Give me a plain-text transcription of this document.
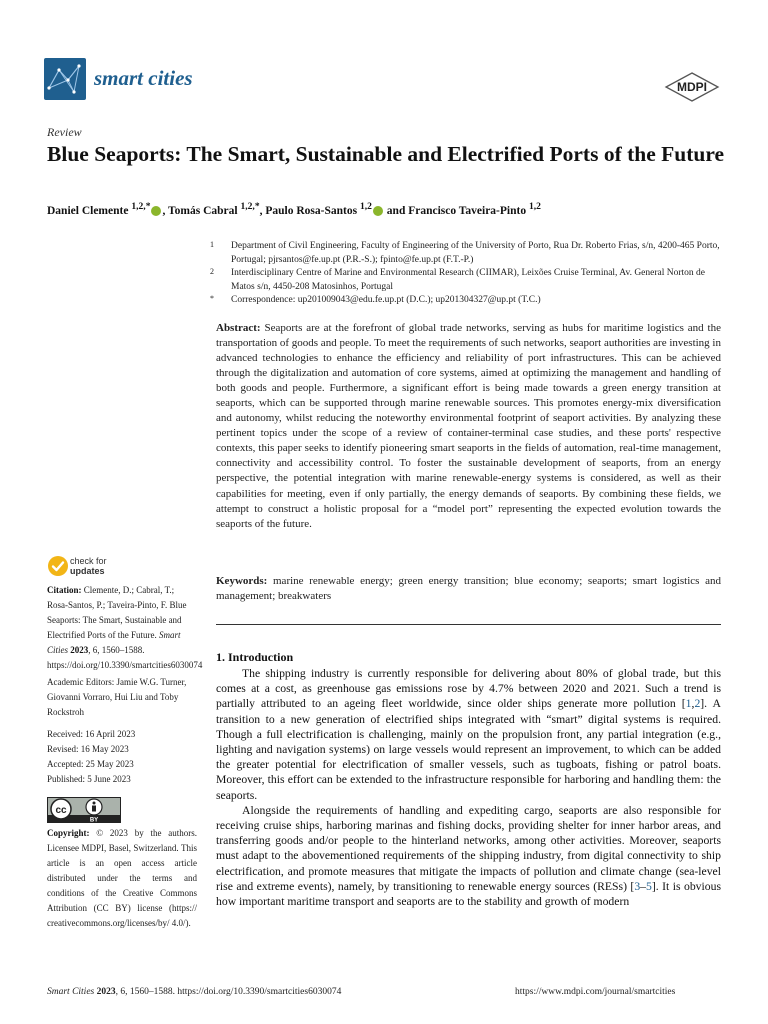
smart cities	MDPI
Review
Blue Seaports: The Smart, Sustainable and Electrified Ports of the Future
Daniel Clemente $^{1,2,*}$ , Tomás Cabral $^{1,2,*}$, Paulo Rosa-Santos $^{1,2}$ and Francisco Taveira-Pinto $^{1,2}$
1 Department of Civil Engineering, Faculty of Engineering of the University of Porto, Rua Dr. Roberto Frias, s/n, 4200-465 Porto, Portugal; pjrsantos@fe.up.pt (P.R.-S.); fpinto@fe.up.pt (F.T.-P.)
2 Interdisciplinary Centre of Marine and Environmental Research (CIIMAR), Leixões Cruise Terminal, Av. General Norton de Matos s/n, 4450-208 Matosinhos, Portugal
* Correspondence: up201009043@edu.fe.up.pt (D.C.); up201304327@up.pt (T.C.)
Abstract: Seaports are at the forefront of global trade networks, serving as hubs for maritime logistics and the transportation of goods and people. To meet the requirements of such networks, seaport authorities are investing in advanced technologies to enhance the efficiency and reliability of port infrastructures. This can be achieved through the digitalization and automation of core systems, aimed at optimizing the management and handling of both goods and people. Furthermore, a significant effort is being made towards a green energy transition at seaports, which can be supported through marine renewable sources. This promotes energy-mix diversification and autonomy, whilst reducing the noteworthy environmental footprint of seaport activities. By analyzing these pertinent topics under the scope of a review of container-terminal case studies, and these ports' respective contexts, this paper seeks to identify pioneering smart seaports in the fields of automation, real-time management, connectivity and accessibility control. To foster the sustainable development of seaports, from an energy perspective, the potential integration with marine renewable-energy systems is considered, as well as their capabilities for meeting, even if only partially, the energy demands of seaports. By combining these fields, we attempt to construct a holistic proposal for a “model port” representing the expected evolution towards the seaports of the future.
Keywords: marine renewable energy; green energy transition; blue economy; seaports; smart logistics and management; breakwaters
1. Introduction

The shipping industry is currently responsible for delivering about 80% of global trade, but this comes at a cost, as greenhouse gas emissions rose by 4.7% between 2020 and 2021. Such a trend is partially attributed to an ageing fleet worldwide, since older ships generate more pollution [1,2]. A transition to a new generation of electrified ships integrated with “smart” digital systems is required. Though a full electrification is challenging, mainly on the propulsion front, any partial integration (e.g., lighting and navigation systems) on large vessels would represent an improvement, to which can be added the greater potential for electrification of smaller vessels, such as tugboats, fishing or patrol boats. Moreover, this effort can be extended to the infrastructure responsible for harboring and handling them: the seaports.

Alongside the requirements of handling and expediting cargo, seaports are also responsible for receiving cruise ships, harboring marinas and fishing docks, providing shelter for inner harbor areas, and transferring goods and/or people to the hinterland networks, among other activities. Moreover, seaports must adapt to the abovementioned requirements of the shipping industry, from digital connectivity to ship electrification, and promote measures that mitigate the impacts of pollution and climate change (sea-level rise and extreme events), namely, by transitioning to renewable energy sources (RESs) [3–5]. It is obvious how important maritime transport and seaports are to the stability and growth of modern

check for
updates
Citation: Clemente, D.; Cabral, T.; Rosa-Santos, P.; Taveira-Pinto, F. Blue Seaports: The Smart, Sustainable and Electrified Ports of the Future. Smart Cities 2023, 6, 1560–1588. https://doi.org/10.3390/smartcities6030074
Academic Editors: Jamie W.G. Turner, Giovanni Vorraro, Hui Liu and Toby Rockstroh
Received: 16 April 2023
Revised: 16 May 2023
Accepted: 25 May 2023
Published: 5 June 2023
cc
BY
Copyright: © 2023 by the authors. Licensee MDPI, Basel, Switzerland. This article is an open access article distributed under the terms and conditions of the Creative Commons Attribution (CC BY) license (https:// creativecommons.org/licenses/by/ 4.0/).
Smart Cities 2023, 6, 1560–1588. https://doi.org/10.3390/smartcities6030074	https://www.mdpi.com/journal/smartcities
